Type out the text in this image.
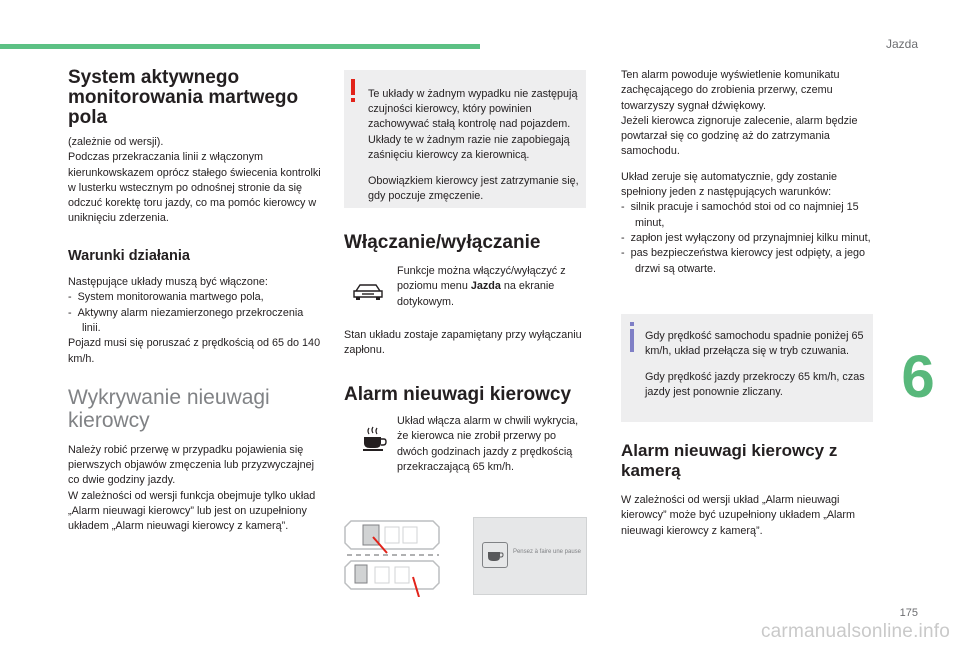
Jazda
6
175
carmanualsonline.info
System aktywnego monitorowania martwego pola

(zależnie od wersji).

Podczas przekraczania linii z włączonym kierunkowskazem oprócz stałego świecenia kontrolki w lusterku wstecznym po odnośnej stronie da się odczuć korektę toru jazdy, co ma pomóc kierowcy w uniknięciu zderzenia.

Warunki działania

Następujące układy muszą być włączone:

-  System monitorowania martwego pola,

-  Aktywny alarm niezamierzonego przekroczenia linii.

Pojazd musi się poruszać z prędkością od 65 do 140 km/h.

Wykrywanie nieuwagi kierowcy

Należy robić przerwę w przypadku pojawienia się pierwszych objawów zmęczenia lub przyzwyczajnej co dwie godziny jazdy.

W zależności od wersji funkcja obejmuje tylko układ „Alarm nieuwagi kierowcy” lub jest on uzupełniony układem „Alarm nieuwagi kierowcy z kamerą”.

Te układy w żadnym wypadku nie zastępują czujności kierowcy, który powinien zachowywać stałą kontrolę nad pojazdem. Układy te w żadnym razie nie zapobiegają zaśnięciu kierowcy za kierownicą.

Obowiązkiem kierowcy jest zatrzymanie się, gdy poczuje zmęczenie.

Włączanie/wyłączanie

Funkcje można włączyć/wyłączyć z poziomu menu Jazda na ekranie dotykowym.

Stan układu zostaje zapamiętany przy wyłączaniu zapłonu.

Alarm nieuwagi kierowcy

Układ włącza alarm w chwili wykrycia, że kierowca nie zrobił przerwy po dwóch godzinach jazdy z prędkością przekraczającą 65 km/h.

Pensez à faire une pause

Ten alarm powoduje wyświetlenie komunikatu zachęcającego do zrobienia przerwy, czemu towarzyszy sygnał dźwiękowy.

Jeżeli kierowca zignoruje zalecenie, alarm będzie powtarzał się co godzinę aż do zatrzymania samochodu.

Układ zeruje się automatycznie, gdy zostanie spełniony jeden z następujących warunków:

-  silnik pracuje i samochód stoi od co najmniej 15 minut,

-  zapłon jest wyłączony od przynajmniej kilku minut,

-  pas bezpieczeństwa kierowcy jest odpięty, a jego drzwi są otwarte.

Gdy prędkość samochodu spadnie poniżej 65 km/h, układ przełącza się w tryb czuwania.

Gdy prędkość jazdy przekroczy 65 km/h, czas jazdy jest ponownie zliczany.

Alarm nieuwagi kierowcy z kamerą

W zależności od wersji układ „Alarm nieuwagi kierowcy” może być uzupełniony układem „Alarm nieuwagi kierowcy z kamerą”.
